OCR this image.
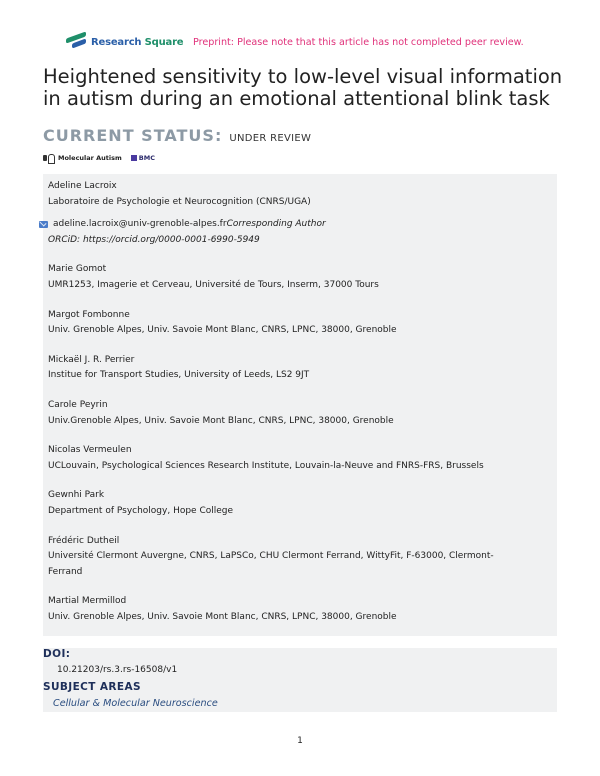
Research Square Preprint: Please note that this article has not completed peer review.
Heightened sensitivity to low-level visual information in autism during an emotional attentional blink task
CURRENT STATUS: UNDER REVIEW
Molecular Autism	BMC
Adeline Lacroix
Laboratoire de Psychologie et Neurocognition (CNRS/UGA)
adeline.lacroix@univ-grenoble-alpes.frCorresponding Author
ORCiD: https://orcid.org/0000-0001-6990-5949
Marie Gomot
UMR1253, Imagerie et Cerveau, Université de Tours, Inserm, 37000 Tours
Margot Fombonne
Univ. Grenoble Alpes, Univ. Savoie Mont Blanc, CNRS, LPNC, 38000, Grenoble
Mickaël J. R. Perrier
Institue for Transport Studies, University of Leeds, LS2 9JT
Carole Peyrin
Univ.Grenoble Alpes, Univ. Savoie Mont Blanc, CNRS, LPNC, 38000, Grenoble
Nicolas Vermeulen
UCLouvain, Psychological Sciences Research Institute, Louvain-la-Neuve and FNRS-FRS, Brussels
Gewnhi Park
Department of Psychology, Hope College
Frédéric Dutheil
Université Clermont Auvergne, CNRS, LaPSCo, CHU Clermont Ferrand, WittyFit, F-63000, Clermont-
Ferrand
Martial Mermillod
Univ. Grenoble Alpes, Univ. Savoie Mont Blanc, CNRS, LPNC, 38000, Grenoble
DOI:
10.21203/rs.3.rs-16508/v1
SUBJECT AREAS
Cellular & Molecular Neuroscience
1
